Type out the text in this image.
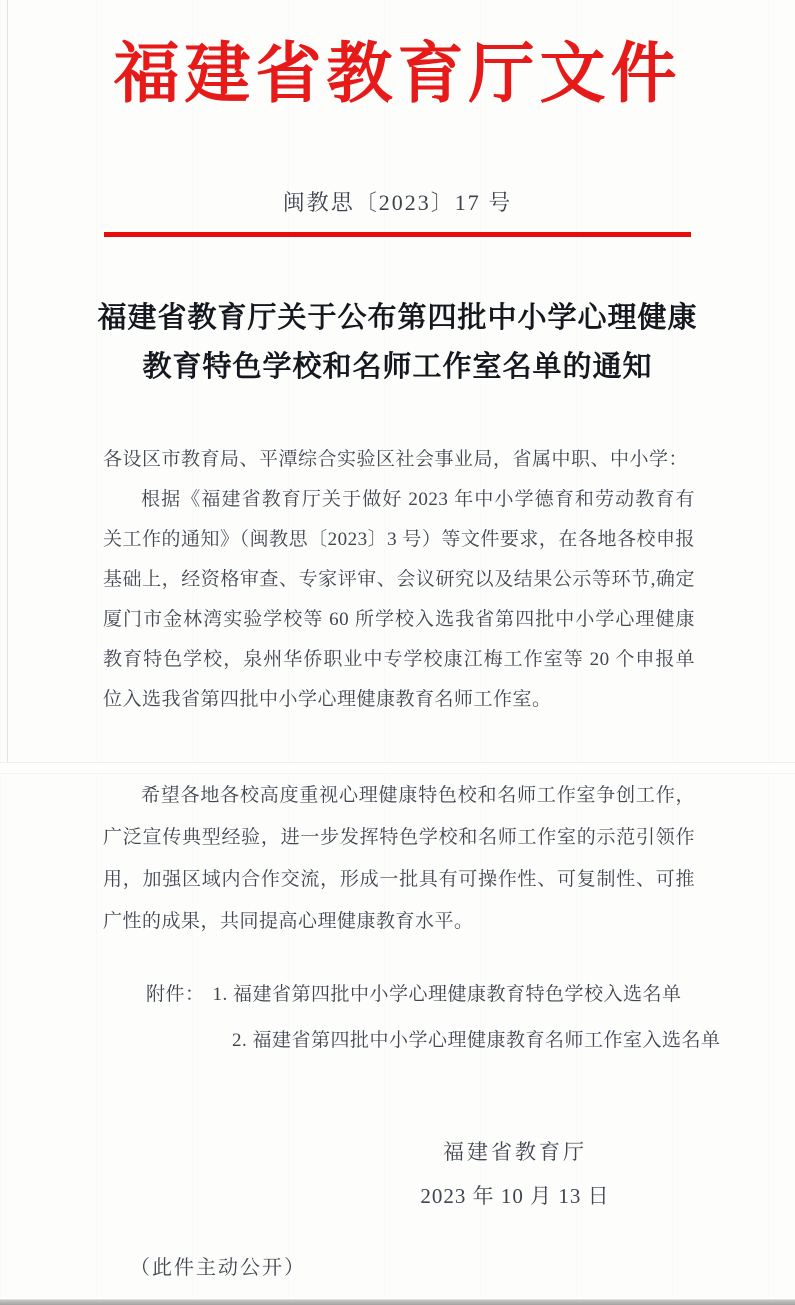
福建省教育厅文件
闽教思〔2023〕17 号
福建省教育厅关于公布第四批中小学心理健康
教育特色学校和名师工作室名单的通知

各设区市教育局、平潭综合实验区社会事业局，省属中职、中小学：

根据《福建省教育厅关于做好 2023 年中小学德育和劳动教育有关工作的通知》（闽教思〔2023〕3 号）等文件要求，在各地各校申报基础上，经资格审查、专家评审、会议研究以及结果公示等环节,确定厦门市金林湾实验学校等 60 所学校入选我省第四批中小学心理健康教育特色学校，泉州华侨职业中专学校康江梅工作室等 20 个申报单位入选我省第四批中小学心理健康教育名师工作室。

希望各地各校高度重视心理健康特色校和名师工作室争创工作，广泛宣传典型经验，进一步发挥特色学校和名师工作室的示范引领作用，加强区域内合作交流，形成一批具有可操作性、可复制性、可推广性的成果，共同提高心理健康教育水平。

附件： 1. 福建省第四批中小学心理健康教育特色学校入选名单
2. 福建省第四批中小学心理健康教育名师工作室入选名单
福建省教育厅
2023 年 10 月 13 日
（此件主动公开）
